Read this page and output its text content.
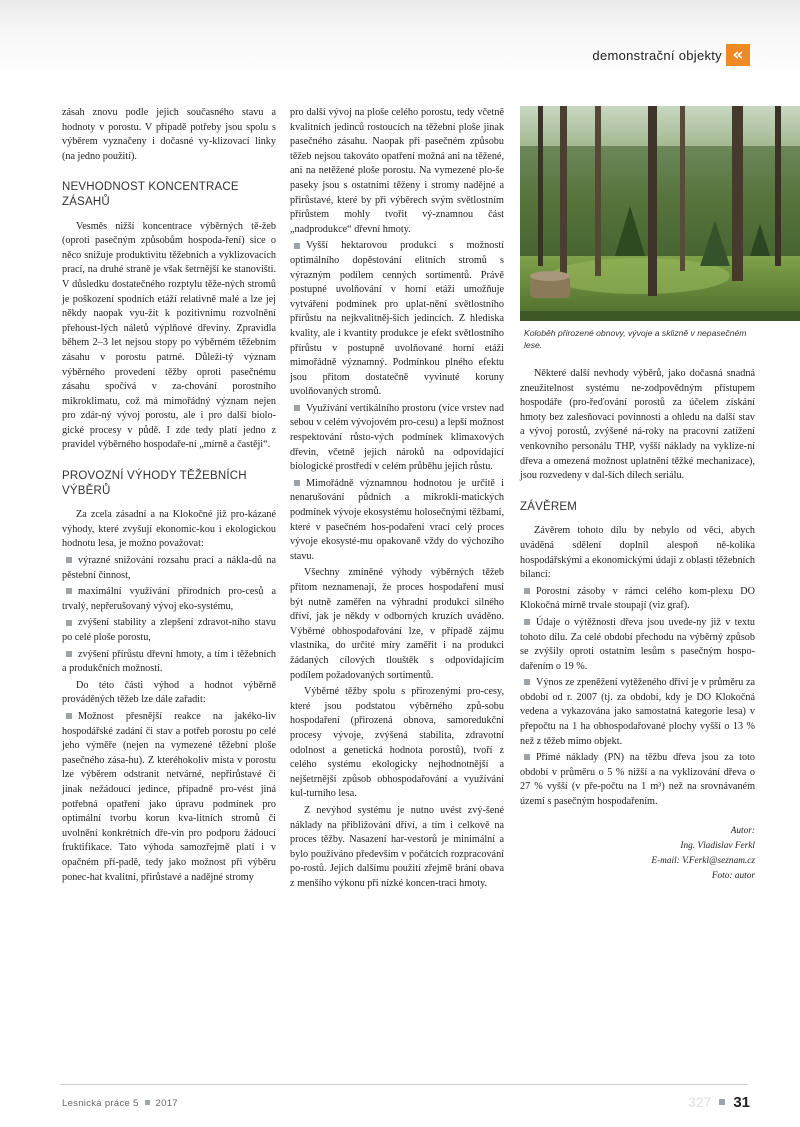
demonstrační objekty «

zásah znovu podle jejich současného stavu a hodnoty v porostu. V případě potřeby jsou spolu s výběrem vyznačeny i dočasné vy-klizovací linky (na jedno použití).

NEVHODNOST KONCENTRACE ZÁSAHŮ

Vesměs nižší koncentrace výběrných tě-žeb (oproti pasečným způsobům hospoda-ření) sice o něco snižuje produktivitu těžebních a vyklizovacích prací, na druhé straně je však šetrnější ke stanovišti. V důsledku dostatečného rozptylu těže-ných stromů je poškození spodních etáží relativně malé a lze jej někdy naopak vyu-žít k pozitivnímu rozvolnění přehoust-lých náletů výplňové dřeviny. Zpravidla během 2–3 let nejsou stopy po výběrném těžebním zásahu v porostu patrné. Důleži-tý význam výběrného provedení těžby oproti pasečnému zásahu spočívá v za-chování porostního mikroklimatu, což má mimořádný význam nejen pro zdár-ný vývoj porostu, ale i pro další biolo-gické procesy v půdě. I zde tedy platí jedno z pravidel výběrného hospodaře-ní „mírně a častěji“.

PROVOZNÍ VÝHODY TĚŽEBNÍCH VÝBĚRŮ

Za zcela zásadní a na Klokočné již pro-kázané výhody, které zvyšují ekonomic-kou i ekologickou hodnotu lesa, je možno považovat:

výrazné snižování rozsahu prací a nákla-dů na pěstební činnost,

maximální využívání přírodních pro-cesů a trvalý, nepřerušovaný vývoj eko-systému,

zvýšení stability a zlepšení zdravot-ního stavu po celé ploše porostu,

zvýšení přírůstu dřevní hmoty, a tím i těžebních a produkčních možností.

Do této části výhod a hodnot výběrně prováděných těžeb lze dále zařadit:

Možnost přesnější reakce na jakéko-liv hospodářské zadání či stav a potřeb porostu po celé jeho výměře (nejen na vymezené těžební ploše pasečného zása-hu). Z kteréhokoliv místa v porostu lze výběrem odstranit netvárné, nepřirůstavé či jinak nežádoucí jedince, případně pro-vést jiná potřebná opatření jako úpravu podmínek pro optimální tvorbu korun kva-litních stromů či uvolnění konkrétních dře-vin pro podporu žádoucí fruktifikace. Tato výhoda samozřejmě platí i v opačném pří-padě, tedy jako možnost při výběru ponec-hat kvalitní, přirůstavé a nadějné stromy

pro další vývoj na ploše celého porostu, tedy včetně kvalitních jedinců rostoucích na těžební ploše jinak pasečného zásahu. Naopak při pasečném způsobu těžeb nejsou takováto opatření možná ani na těžené, ani na netěžené ploše porostu. Na vymezené plo-še paseky jsou s ostatními těženy i stromy nadějné a přirůstavé, které by při výběrech svým světlostním přírůstem mohly tvořit vý-znamnou část „nadprodukce“ dřevní hmoty.

Vyšší hektarovou produkcí s možností optimálního dopěstování elitních stromů s výrazným podílem cenných sortimentů. Právě postupné uvolňování v horní etáži umožňuje vytváření podmínek pro uplat-nění světlostního přírůstu na nejkvalitněj-ších jedincích. Z hlediska kvality, ale i kvantity produkce je efekt světlostního přírůstu v postupně uvolňované horní etáži mimořádně významný. Podmínkou plného efektu jsou přitom dostatečně vyvinuté koruny uvolňovaných stromů.

Využívání vertikálního prostoru (více vrstev nad sebou v celém vývojovém pro-cesu) a lepší možnost respektování růsto-vých podmínek klimaxových dřevin, včetně jejich nároků na odpovídající biologické prostředí v celém průběhu jejich růstu.

Mimořádně významnou hodnotou je určitě i nenarušování půdních a mikrokli-matických podmínek vývoje ekosystému holosečnými těžbami, které v pasečném hos-podaření vrací celý proces vývoje ekosysté-mu opakovaně vždy do výchozího stavu.

Všechny zmíněné výhody výběrných těžeb přitom neznamenají, že proces hospodaření musí být nutně zaměřen na výhradní produkci silného dříví, jak je někdy v odborných kruzích uváděno. Výběrné obhospodařování lze, v případě zájmu vlastníka, do určité míry zaměřit i na produkci žádaných cílových tlouštěk s odpovídajícím podílem požadovaných sortimentů.

Výběrné těžby spolu s přirozenými pro-cesy, které jsou podstatou výběrného způ-sobu hospodaření (přirozená obnova, samoredukční procesy vývoje, zvýšená stabilita, zdravotní odolnost a genetická hodnota porostů), tvoří z celého systému ekologicky nejhodnotnější a nejšetrnější způsob obhospodařování a využívání kul-turního lesa.

Z nevýhod systému je nutno uvést zvý-šené náklady na přibližování dříví, a tím i celkově na proces těžby. Nasazení har-vestorů je minimální a bylo používáno především v počátcích rozpracování po-rostů. Jejich dalšímu použití zřejmě brání obava z menšího výkonu při nízké koncen-traci hmoty.

Koloběh přirozené obnovy, vývoje a sklizně v nepasečném lese.

Některé další nevhody výběrů, jako dočasná snadná zneužitelnost systému ne-zodpovědným přístupem hospodáře (pro-řeďování porostů za účelem získání hmoty bez zalesňovací povinnosti a ohledu na další stav a vývoj porostů, zvýšené ná-roky na pracovní zatížení venkovního personálu THP, vyšší náklady na vyklíze-ní dřeva a omezená možnost uplatnění těžké mechanizace), jsou rozvedeny v dal-ších dílech seriálu.

ZÁVĚREM

Závěrem tohoto dílu by nebylo od věci, abych uváděná sdělení doplnil alespoň ně-kolika hospodářskými a ekonomickými údaji z oblasti těžebních bilancí:

Porostní zásoby v rámci celého kom-plexu DO Klokočná mírně trvale stoupají (viz graf).

Údaje o výtěžnosti dřeva jsou uvede-ny již v textu tohoto dílu. Za celé období přechodu na výběrný způsob se zvýšily oproti ostatním lesům s pasečným hospo-dařením o 19 %.

Výnos ze zpeněžení vytěženého dříví je v průměru za období od r. 2007 (tj. za období, kdy je DO Klokočná vedena a vykazována jako samostatná kategorie lesa) v přepočtu na 1 ha obhospodařované plochy vyšší o 13 % než z těžeb mimo objekt.

Přímé náklady (PN) na těžbu dřeva jsou za toto období v průměru o 5 % nižší a na vyklizování dřeva o 27 % vyšší (v pře-počtu na 1 m³) než na srovnávaném území s pasečným hospodařením.

Autor:

Ing. Vladislav Ferkl

E-mail: V.Ferkl@seznam.cz

Foto: autor

Lesnická práce 5 2017	327 31
